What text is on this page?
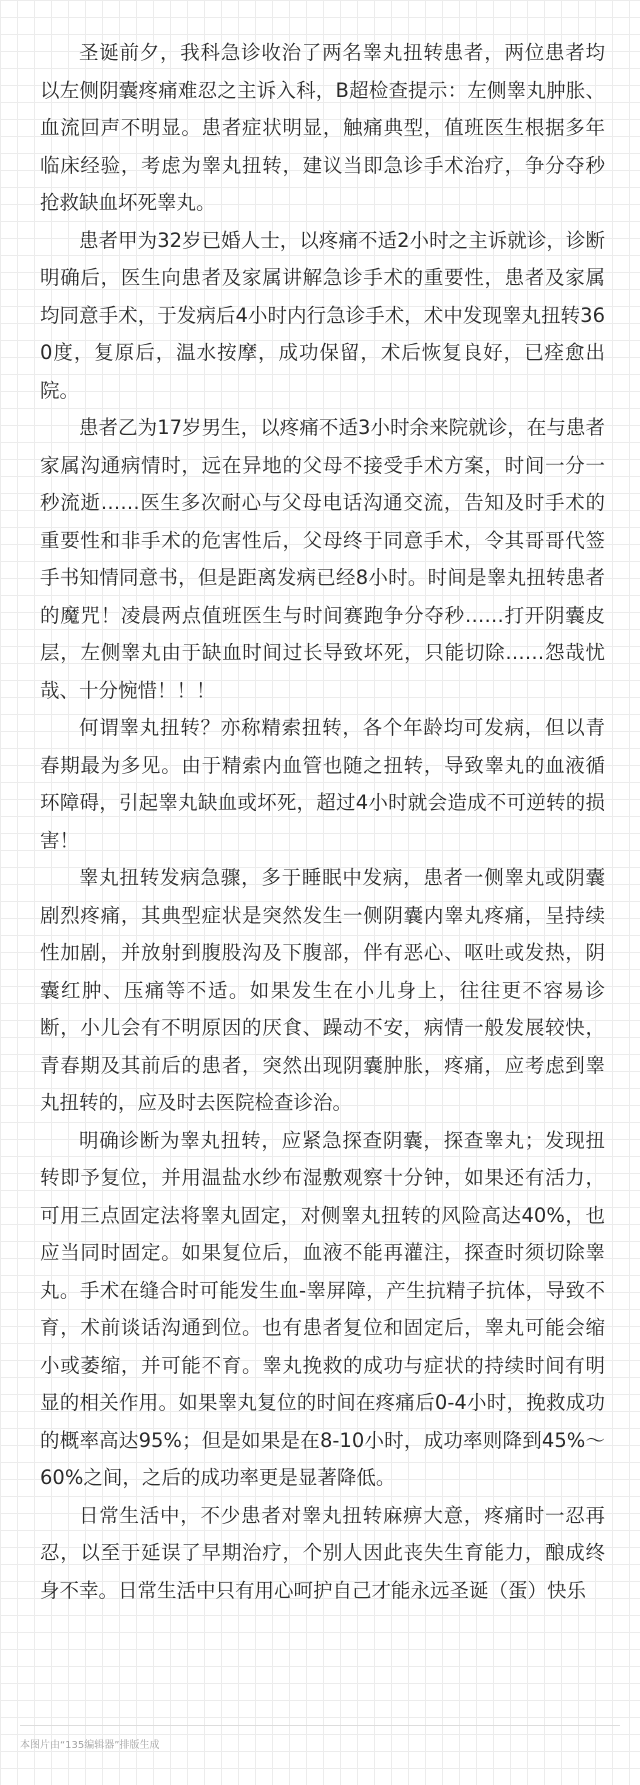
圣诞前夕，我科急诊收治了两名睾丸扭转患者，两位患者均以左侧阴囊疼痛难忍之主诉入科，B超检查提示：左侧睾丸肿胀、血流回声不明显。患者症状明显，触痛典型，值班医生根据多年临床经验，考虑为睾丸扭转，建议当即急诊手术治疗，争分夺秒抢救缺血坏死睾丸。

患者甲为32岁已婚人士，以疼痛不适2小时之主诉就诊，诊断明确后，医生向患者及家属讲解急诊手术的重要性，患者及家属均同意手术，于发病后4小时内行急诊手术，术中发现睾丸扭转360度，复原后，温水按摩，成功保留，术后恢复良好，已痊愈出院。

患者乙为17岁男生，以疼痛不适3小时余来院就诊，在与患者家属沟通病情时，远在异地的父母不接受手术方案，时间一分一秒流逝……医生多次耐心与父母电话沟通交流，告知及时手术的重要性和非手术的危害性后，父母终于同意手术，令其哥哥代签手书知情同意书，但是距离发病已经8小时。时间是睾丸扭转患者的魔咒！凌晨两点值班医生与时间赛跑争分夺秒……打开阴囊皮层，左侧睾丸由于缺血时间过长导致坏死，只能切除……怨哉忧哉、十分惋惜！！！

何谓睾丸扭转？亦称精索扭转，各个年龄均可发病，但以青春期最为多见。由于精索内血管也随之扭转，导致睾丸的血液循环障碍，引起睾丸缺血或坏死，超过4小时就会造成不可逆转的损害！

睾丸扭转发病急骤，多于睡眠中发病，患者一侧睾丸或阴囊剧烈疼痛，其典型症状是突然发生一侧阴囊内睾丸疼痛，呈持续性加剧，并放射到腹股沟及下腹部，伴有恶心、呕吐或发热，阴囊红肿、压痛等不适。如果发生在小儿身上，往往更不容易诊断，小儿会有不明原因的厌食、躁动不安，病情一般发展较快，青春期及其前后的患者，突然出现阴囊肿胀，疼痛，应考虑到睾丸扭转的，应及时去医院检查诊治。

明确诊断为睾丸扭转，应紧急探查阴囊，探查睾丸；发现扭转即予复位，并用温盐水纱布湿敷观察十分钟，如果还有活力，可用三点固定法将睾丸固定，对侧睾丸扭转的风险高达40%，也应当同时固定。如果复位后，血液不能再灌注，探查时须切除睾丸。手术在缝合时可能发生血-睾屏障，产生抗精子抗体，导致不育，术前谈话沟通到位。也有患者复位和固定后，睾丸可能会缩小或萎缩，并可能不育。睾丸挽救的成功与症状的持续时间有明显的相关作用。如果睾丸复位的时间在疼痛后0-4小时，挽救成功的概率高达95%；但是如果是在8-10小时，成功率则降到45%～60%之间，之后的成功率更是显著降低。

日常生活中，不少患者对睾丸扭转麻痹大意，疼痛时一忍再忍，以至于延误了早期治疗，个别人因此丧失生育能力，酿成终身不幸。日常生活中只有用心呵护自己才能永远圣诞（蛋）快乐

本图片由“135编辑器”排版生成
